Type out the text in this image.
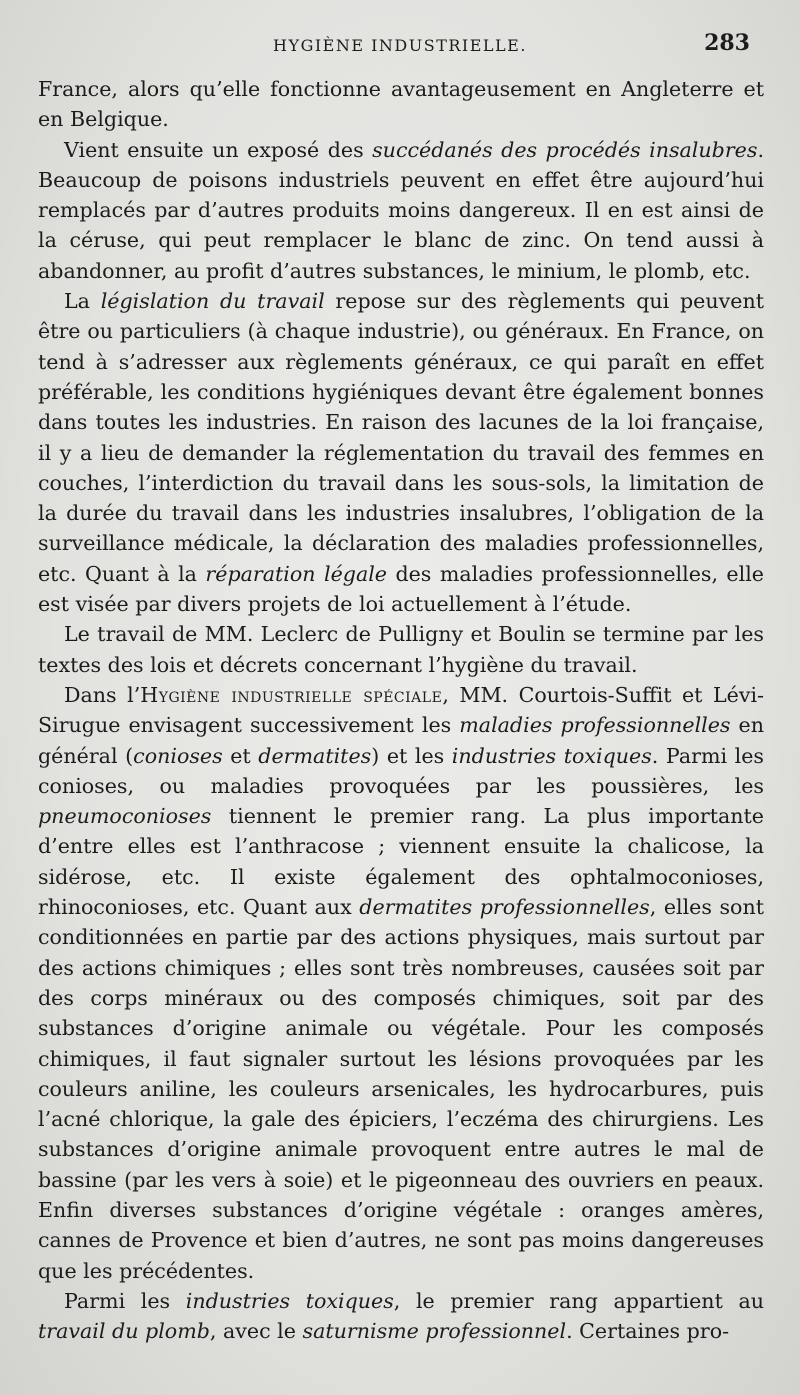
HYGIÈNE INDUSTRIELLE.	283

France, alors qu’elle fonctionne avantageusement en Angleterre et en Belgique.

Vient ensuite un exposé des succédanés des procédés insalubres. Beaucoup de poisons industriels peuvent en effet être aujourd’hui remplacés par d’autres produits moins dangereux. Il en est ainsi de la céruse, qui peut remplacer le blanc de zinc. On tend aussi à abandonner, au profit d’autres substances, le minium, le plomb, etc.

La législation du travail repose sur des règlements qui peuvent être ou particuliers (à chaque industrie), ou généraux. En France, on tend à s’adresser aux règlements généraux, ce qui paraît en effet préférable, les conditions hygiéniques devant être également bonnes dans toutes les industries. En raison des lacunes de la loi française, il y a lieu de demander la réglementation du travail des femmes en couches, l’interdiction du travail dans les sous-sols, la limitation de la durée du travail dans les industries insalubres, l’obligation de la surveillance médicale, la déclaration des maladies professionnelles, etc. Quant à la réparation légale des maladies professionnelles, elle est visée par divers projets de loi actuellement à l’étude.

Le travail de MM. Leclerc de Pulligny et Boulin se termine par les textes des lois et décrets concernant l’hygiène du travail.

Dans l’Hygiène industrielle spéciale, MM. Courtois-Suffit et Lévi-Sirugue envisagent successivement les maladies professionnelles en général (conioses et dermatites) et les industries toxiques. Parmi les conioses, ou maladies provoquées par les poussières, les pneumoconioses tiennent le premier rang. La plus importante d’entre elles est l’anthracose ; viennent ensuite la chalicose, la sidérose, etc. Il existe également des ophtalmoconioses, rhinoconioses, etc. Quant aux dermatites professionnelles, elles sont conditionnées en partie par des actions physiques, mais surtout par des actions chimiques ; elles sont très nombreuses, causées soit par des corps minéraux ou des composés chimiques, soit par des substances d’origine animale ou végétale. Pour les composés chimiques, il faut signaler surtout les lésions provoquées par les couleurs aniline, les couleurs arsenicales, les hydrocarbures, puis l’acné chlorique, la gale des épiciers, l’eczéma des chirurgiens. Les substances d’origine animale provoquent entre autres le mal de bassine (par les vers à soie) et le pigeonneau des ouvriers en peaux. Enfin diverses substances d’origine végétale : oranges amères, cannes de Provence et bien d’autres, ne sont pas moins dangereuses que les précédentes.

Parmi les industries toxiques, le premier rang appartient au travail du plomb, avec le saturnisme professionnel. Certaines pro-
